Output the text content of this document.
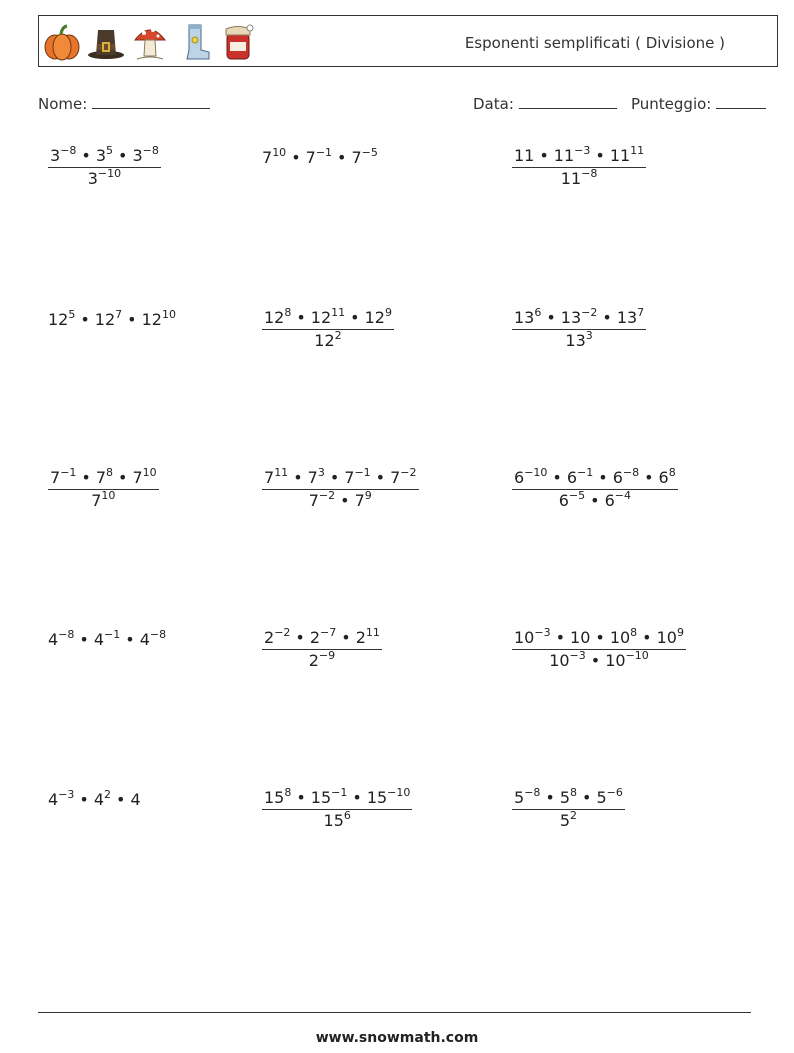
Esponenti semplificati ( Divisione )
Nome:	Data:	Punteggio:
$\frac{3^{-8} • 3^5 • 3^{-8}}{3^{-10}}$	$7^{10}$ • $7^{-1}$ • $7^{-5}$	$\frac{11 • 11^{-3} • 11^{11}}{11^{-8}}$
$12^5$ • $12^7$ • $12^{10}$	$\frac{12^8 • 12^{11} • 12^9}{12^2}$	$\frac{13^6 • 13^{-2} • 13^7}{13^3}$
$\frac{7^{-1} • 7^8 • 7^{10}}{7^{10}}$	$\frac{7^{11} • 7^3 • 7^{-1} • 7^{-2}}{7^{-2} • 7^9}$	$\frac{6^{-10} • 6^{-1} • 6^{-8} • 6^8}{6^{-5} • 6^{-4}}$
$4^{-8}$ • $4^{-1}$ • $4^{-8}$	$\frac{2^{-2} • 2^{-7} • 2^{11}}{2^{-9}}$	$\frac{10^{-3} • 10 • 10^8 • 10^9}{10^{-3} • 10^{-10}}$
$4^{-3}$ • $4^2$ • 4	$\frac{15^8 • 15^{-1} • 15^{-10}}{15^6}$	$\frac{5^{-8} • 5^8 • 5^{-6}}{5^2}$
www.snowmath.com
